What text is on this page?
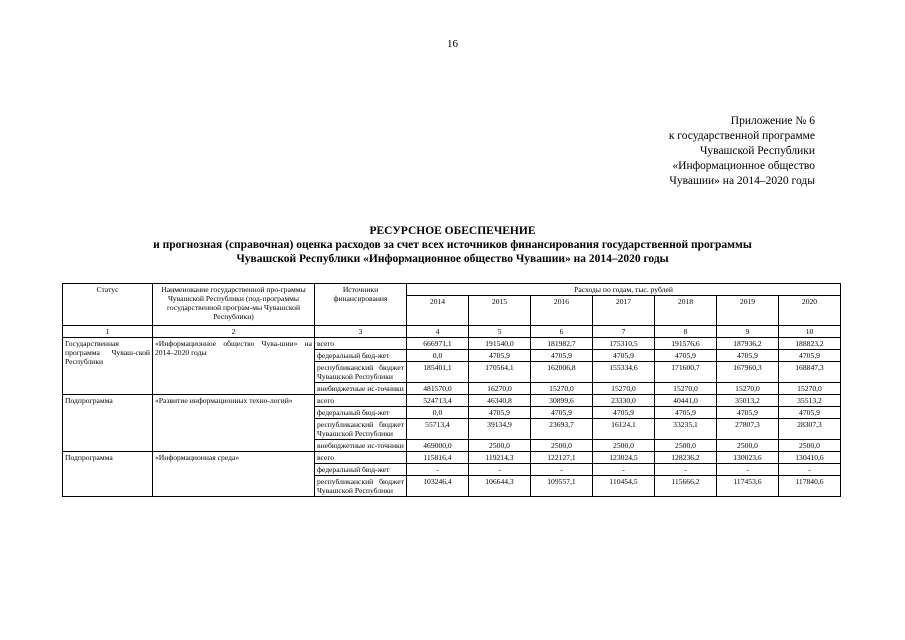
16
Приложение № 6
к государственной программе
Чувашской Республики
«Информационное общество
Чувашии» на 2014–2020 годы
РЕСУРСНОЕ ОБЕСПЕЧЕНИЕ
и прогнозная (справочная) оценка расходов за счет всех источников финансирования государственной программы
Чувашской Республики «Информационное общество Чувашии» на 2014–2020 годы
Статус	Наименование государственной про-граммы Чувашской Республики (под-программы государственной програм-мы Чувашской Республики)	Источники финансирования	Расходы по годам, тыс. рублей						
			2014	2015	2016	2017	2018	2019	2020
1	2	3	4	5	6	7	8	9	10
Государственная программа Чуваш-ской Республики	«Информационное общество Чува-шии» на 2014–2020 годы	всего	666971,1	191540,0	181982,7	175310,5	191576,6	187936,2	188823,2
		федеральный бюд-жет	0,0	4705,9	4705,9	4705,9	4705,9	4705,9	4705,9
		республиканский бюджет Чувашской Республики	185401,1	170564,1	162006,8	155334,6	171600,7	167960,3	168847,3
		внебюджетные ис-точники	481570,0	16270,0	15270,0	15270,0	15270,0	15270,0	15270,0
Подпрограмма	«Развитие информационных техно-логий»	всего	524713,4	46340,8	30899,6	23330,0	40441,0	35013,2	35513,2
		федеральный бюд-жет	0,0	4705,9	4705,9	4705,9	4705,9	4705,9	4705,9
		республиканский бюджет Чувашской Республики	55713,4	39134,9	23693,7	16124,1	33235,1	27807,3	28307,3
		внебюджетные ис-точники	469000,0	2500,0	2500,0	2500,0	2500,0	2500,0	2500,0
Подпрограмма	«Информационная среда»	всего	115816,4	119214,3	122127,1	123024,5	128236,2	130023,6	130410,6
		федеральный бюд-жет	-	-	-	-	-	-	-
		республиканский бюджет Чувашской Республики	103246,4	106644,3	109557,1	110454,5	115666,2	117453,6	117840,6
